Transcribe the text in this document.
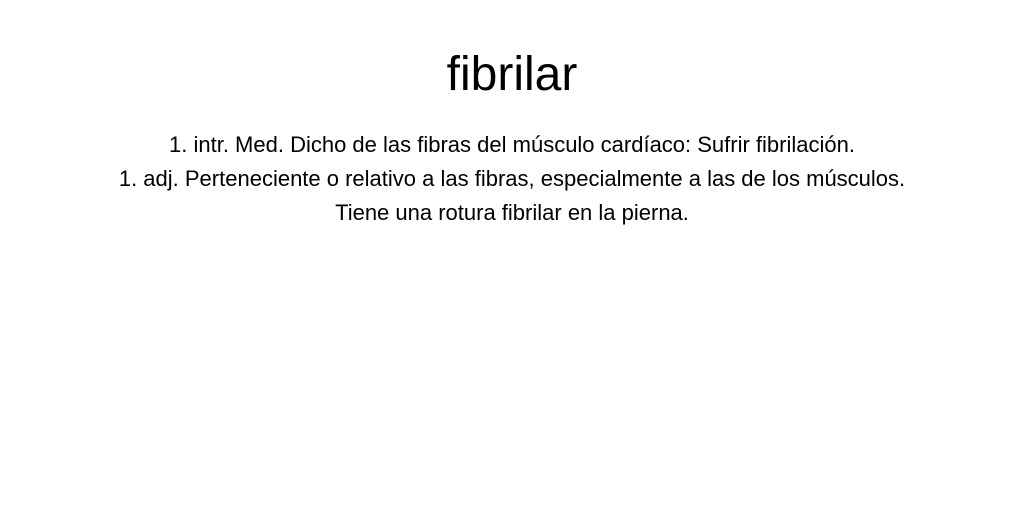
fibrilar

1. intr. Med. Dicho de las fibras del músculo cardíaco: Sufrir fibrilación.

1. adj. Perteneciente o relativo a las fibras, especialmente a las de los músculos. Tiene una rotura fibrilar en la pierna.
